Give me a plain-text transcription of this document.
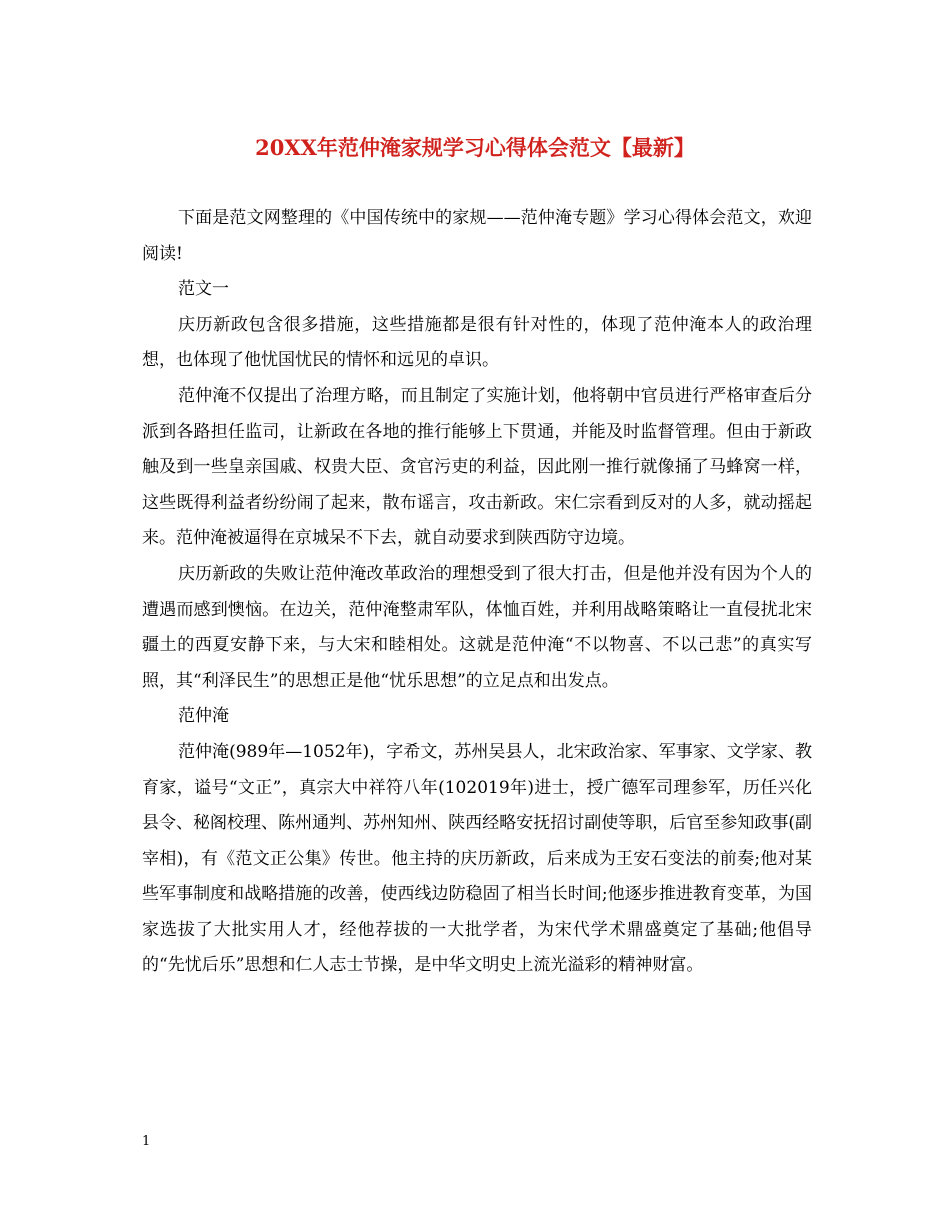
20XX年范仲淹家规学习心得体会范文【最新】

下面是范文网整理的《中国传统中的家规——范仲淹专题》学习心得体会范文，欢迎阅读!

范文一

庆历新政包含很多措施，这些措施都是很有针对性的，体现了范仲淹本人的政治理想，也体现了他忧国忧民的情怀和远见的卓识。

范仲淹不仅提出了治理方略，而且制定了实施计划，他将朝中官员进行严格审查后分派到各路担任监司，让新政在各地的推行能够上下贯通，并能及时监督管理。但由于新政触及到一些皇亲国戚、权贵大臣、贪官污吏的利益，因此刚一推行就像捅了马蜂窝一样，这些既得利益者纷纷闹了起来，散布谣言，攻击新政。宋仁宗看到反对的人多，就动摇起来。范仲淹被逼得在京城呆不下去，就自动要求到陕西防守边境。

庆历新政的失败让范仲淹改革政治的理想受到了很大打击，但是他并没有因为个人的遭遇而感到懊恼。在边关，范仲淹整肃军队，体恤百姓，并利用战略策略让一直侵扰北宋疆土的西夏安静下来，与大宋和睦相处。这就是范仲淹“不以物喜、不以己悲”的真实写照，其“利泽民生”的思想正是他“忧乐思想”的立足点和出发点。

范仲淹

范仲淹(989年—1052年)，字希文，苏州吴县人，北宋政治家、军事家、文学家、教育家，谥号“文正”，真宗大中祥符八年(102019年)进士，授广德军司理参军，历任兴化县令、秘阁校理、陈州通判、苏州知州、陕西经略安抚招讨副使等职，后官至参知政事(副宰相)，有《范文正公集》传世。他主持的庆历新政，后来成为王安石变法的前奏;他对某些军事制度和战略措施的改善，使西线边防稳固了相当长时间;他逐步推进教育变革，为国家选拔了大批实用人才，经他荐拔的一大批学者，为宋代学术鼎盛奠定了基础;他倡导的“先忧后乐”思想和仁人志士节操，是中华文明史上流光溢彩的精神财富。

1
